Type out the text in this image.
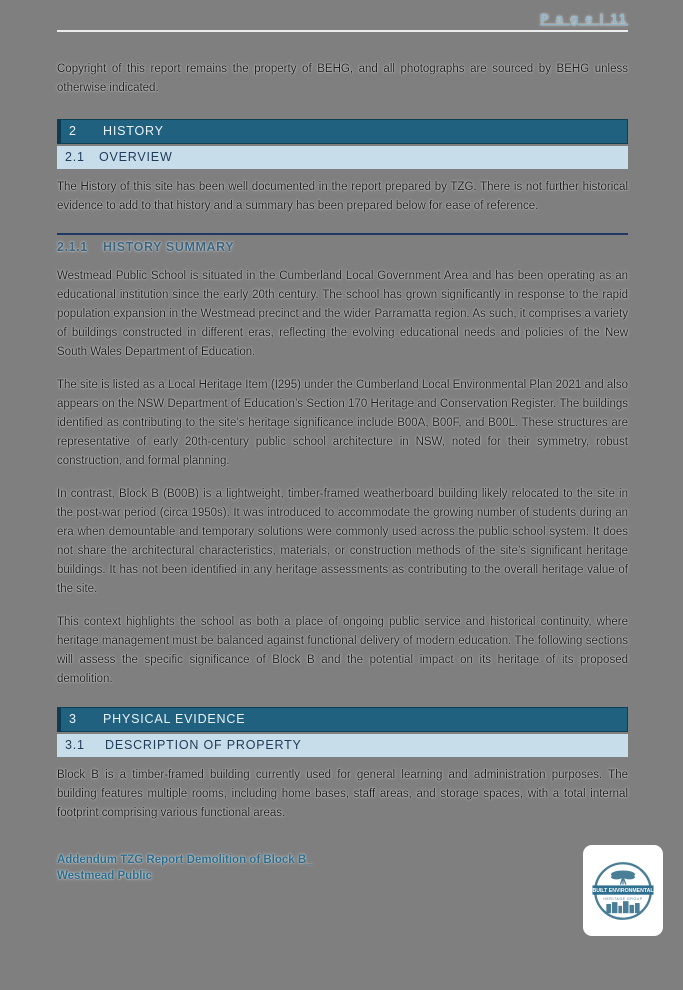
P a g e | 11

Copyright of this report remains the property of BEHG, and all photographs are sourced by BEHG unless otherwise indicated.

2	HISTORY
2.1	OVERVIEW

The History of this site has been well documented in the report prepared by TZG. There is not further historical evidence to add to that history and a summary has been prepared below for ease of reference.

2.1.1	HISTORY SUMMARY

Westmead Public School is situated in the Cumberland Local Government Area and has been operating as an educational institution since the early 20th century. The school has grown significantly in response to the rapid population expansion in the Westmead precinct and the wider Parramatta region. As such, it comprises a variety of buildings constructed in different eras, reflecting the evolving educational needs and policies of the New South Wales Department of Education.

The site is listed as a Local Heritage Item (I295) under the Cumberland Local Environmental Plan 2021 and also appears on the NSW Department of Education’s Section 170 Heritage and Conservation Register. The buildings identified as contributing to the site’s heritage significance include B00A, B00F, and B00L. These structures are representative of early 20th-century public school architecture in NSW, noted for their symmetry, robust construction, and formal planning.

In contrast, Block B (B00B) is a lightweight, timber-framed weatherboard building likely relocated to the site in the post-war period (circa 1950s). It was introduced to accommodate the growing number of students during an era when demountable and temporary solutions were commonly used across the public school system. It does not share the architectural characteristics, materials, or construction methods of the site’s significant heritage buildings. It has not been identified in any heritage assessments as contributing to the overall heritage value of the site.

This context highlights the school as both a place of ongoing public service and historical continuity, where heritage management must be balanced against functional delivery of modern education. The following sections will assess the specific significance of Block B and the potential impact on its heritage of its proposed demolition.

3	PHYSICAL EVIDENCE
3.1	DESCRIPTION OF PROPERTY

Block B is a timber-framed building currently used for general learning and administration purposes. The building features multiple rooms, including home bases, staff areas, and storage spaces, with a total internal footprint comprising various functional areas.

Addendum TZG Report Demolition of Block B_
Westmead Public
BUILT ENVIRONMENTAL
HERITAGE GROUP
